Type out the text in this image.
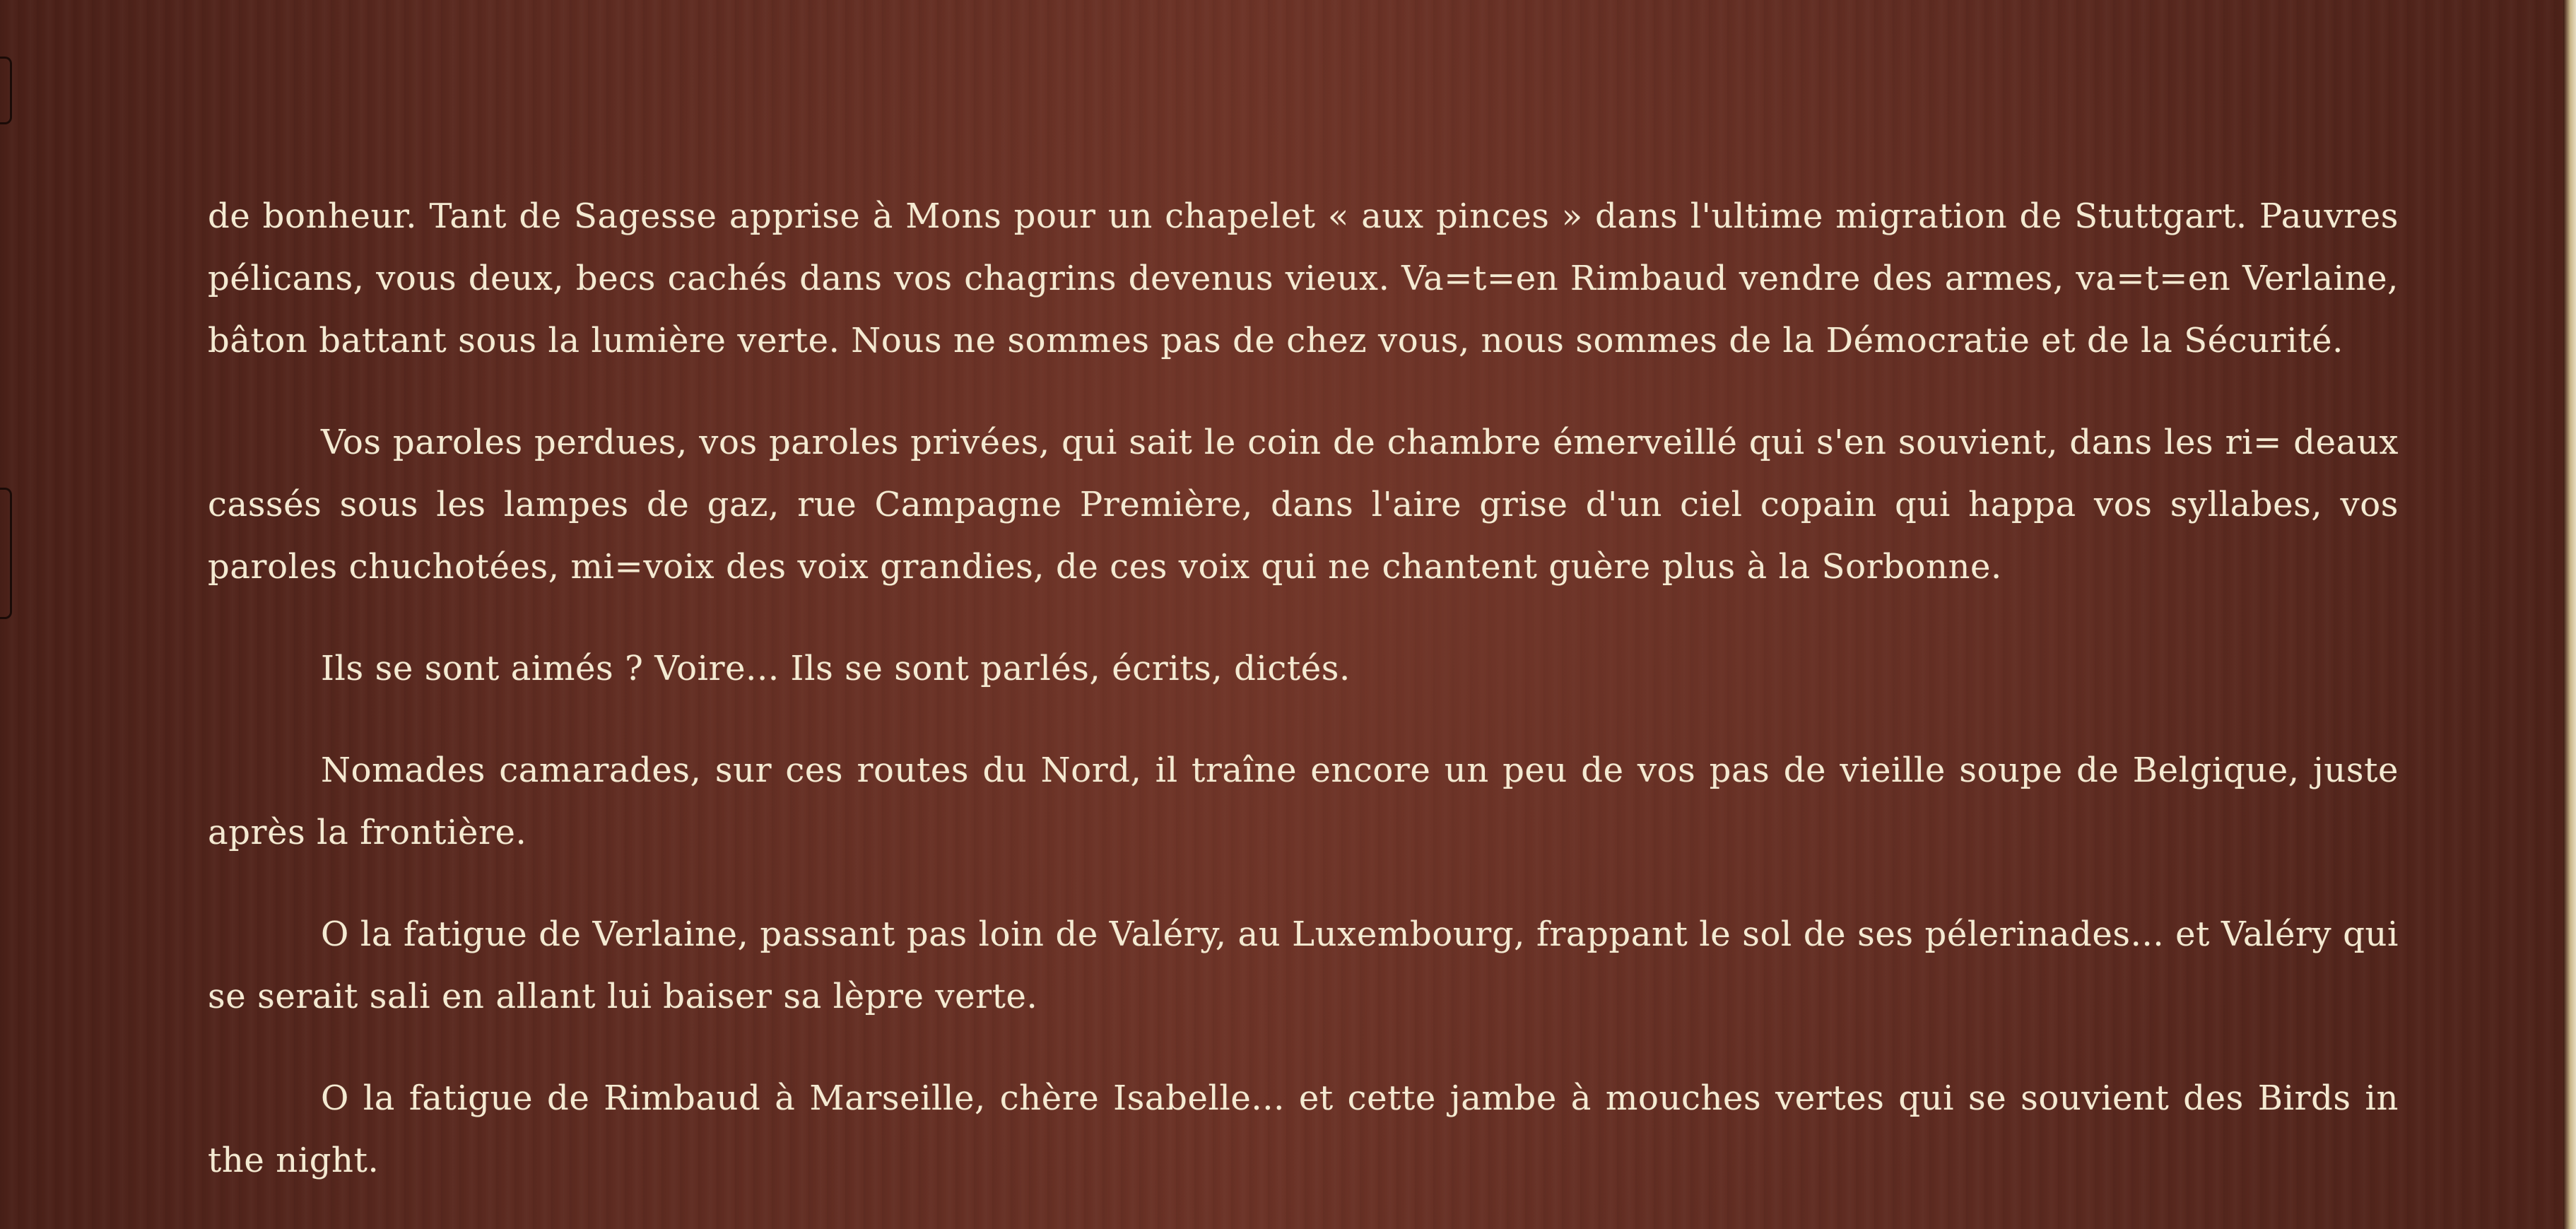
de bonheur. Tant de Sagesse apprise à Mons pour un chapelet « aux pinces » dans l'ultime migration de Stuttgart. Pauvres pélicans, vous deux, becs cachés dans vos chagrins devenus vieux. Va=t=en Rimbaud vendre des armes, va=t=en Verlaine, bâton battant sous la lumière verte. Nous ne sommes pas de chez vous, nous sommes de la Démocratie et de la Sécurité.

Vos paroles perdues, vos paroles privées, qui sait le coin de chambre émerveillé qui s'en souvient, dans les ri= deaux cassés sous les lampes de gaz, rue Campagne Première, dans l'aire grise d'un ciel copain qui happa vos syllabes, vos paroles chuchotées, mi=voix des voix grandies, de ces voix qui ne chantent guère plus à la Sorbonne.

Ils se sont aimés ? Voire... Ils se sont parlés, écrits, dictés.

Nomades camarades, sur ces routes du Nord, il traîne encore un peu de vos pas de vieille soupe de Belgique, juste après la frontière.

O la fatigue de Verlaine, passant pas loin de Valéry, au Luxembourg, frappant le sol de ses pélerinades... et Valéry qui se serait sali en allant lui baiser sa lèpre verte.

O la fatigue de Rimbaud à Marseille, chère Isabelle... et cette jambe à mouches vertes qui se souvient des Birds in the night.
